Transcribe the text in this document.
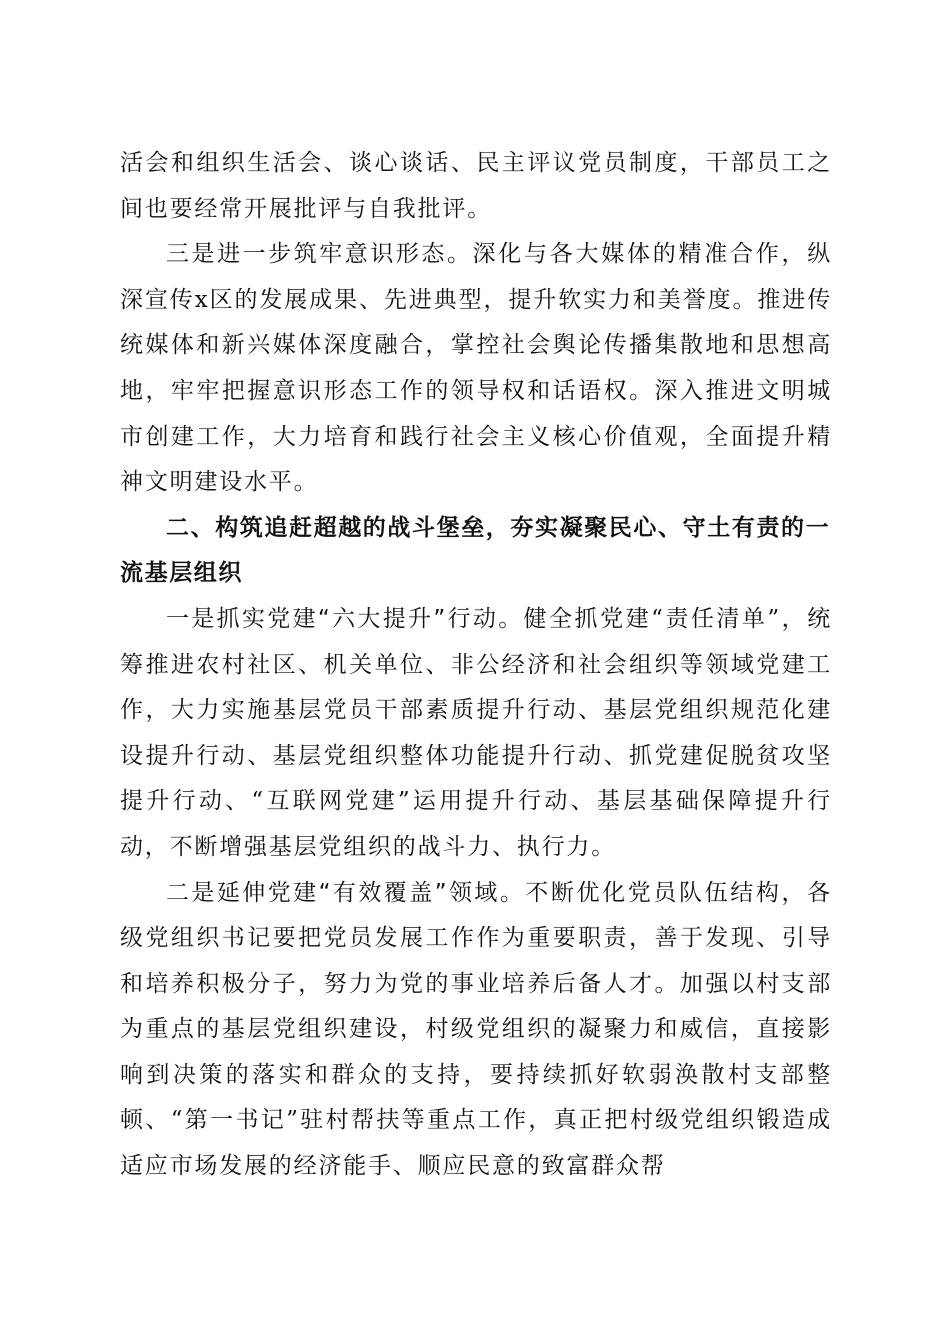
活会和组织生活会、谈心谈话、民主评议党员制度，干部员工之间也要经常开展批评与自我批评。

三是进一步筑牢意识形态。深化与各大媒体的精准合作，纵深宣传x区的发展成果、先进典型，提升软实力和美誉度。推进传统媒体和新兴媒体深度融合，掌控社会舆论传播集散地和思想高地，牢牢把握意识形态工作的领导权和话语权。深入推进文明城市创建工作，大力培育和践行社会主义核心价值观，全面提升精神文明建设水平。

二、构筑追赶超越的战斗堡垒，夯实凝聚民心、守土有责的一流基层组织

一是抓实党建“六大提升”行动。健全抓党建“责任清单”，统筹推进农村社区、机关单位、非公经济和社会组织等领域党建工作，大力实施基层党员干部素质提升行动、基层党组织规范化建设提升行动、基层党组织整体功能提升行动、抓党建促脱贫攻坚提升行动、“互联网党建”运用提升行动、基层基础保障提升行动，不断增强基层党组织的战斗力、执行力。

二是延伸党建“有效覆盖”领域。不断优化党员队伍结构，各级党组织书记要把党员发展工作作为重要职责，善于发现、引导和培养积极分子，努力为党的事业培养后备人才。加强以村支部为重点的基层党组织建设，村级党组织的凝聚力和威信，直接影响到决策的落实和群众的支持，要持续抓好软弱涣散村支部整顿、“第一书记”驻村帮扶等重点工作，真正把村级党组织锻造成适应市场发展的经济能手、顺应民意的致富群众帮
